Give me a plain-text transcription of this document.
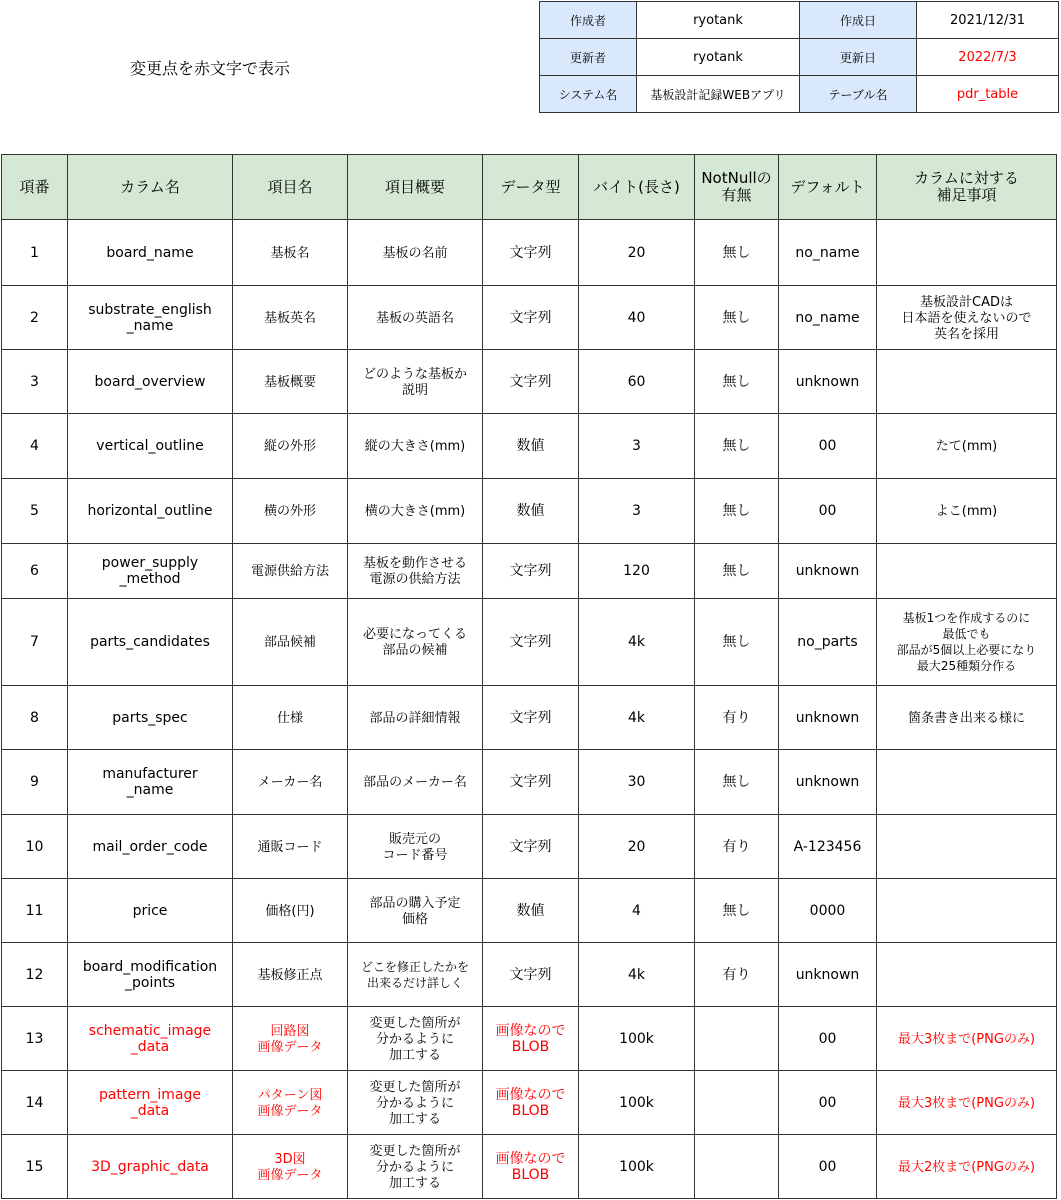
変更点を赤文字で表示
作成者	ryotank	作成日	2021/12/31
更新者	ryotank	更新日	2022/7/3
システム名	基板設計記録WEBアプリ	テーブル名	pdr_table
項番	カラム名	項目名	項目概要	データ型	バイト(長さ)	NotNullの
有無	デフォルト	カラムに対する
補足事項
1	board_name	基板名	基板の名前	文字列	20	無し	no_name	
2	substrate_english
_name	基板英名	基板の英語名	文字列	40	無し	no_name	基板設計CADは
日本語を使えないので
英名を採用
3	board_overview	基板概要	どのような基板か
説明	文字列	60	無し	unknown	
4	vertical_outline	縦の外形	縦の大きさ(mm)	数値	3	無し	00	たて(mm)
5	horizontal_outline	横の外形	横の大きさ(mm)	数値	3	無し	00	よこ(mm)
6	power_supply
_method	電源供給方法	基板を動作させる
電源の供給方法	文字列	120	無し	unknown	
7	parts_candidates	部品候補	必要になってくる
部品の候補	文字列	4k	無し	no_parts	基板1つを作成するのに
最低でも
部品が5個以上必要になり
最大25種類分作る
8	parts_spec	仕様	部品の詳細情報	文字列	4k	有り	unknown	箇条書き出来る様に
9	manufacturer
_name	メーカー名	部品のメーカー名	文字列	30	無し	unknown	
10	mail_order_code	通販コード	販売元の
コード番号	文字列	20	有り	A-123456	
11	price	価格(円)	部品の購入予定
価格	数値	4	無し	0000	
12	board_modification
_points	基板修正点	どこを修正したかを
出来るだけ詳しく	文字列	4k	有り	unknown	
13	schematic_image
_data	回路図
画像データ	変更した箇所が
分かるように
加工する	画像なので
BLOB	100k		00	最大3枚まで(PNGのみ)
14	pattern_image
_data	パターン図
画像データ	変更した箇所が
分かるように
加工する	画像なので
BLOB	100k		00	最大3枚まで(PNGのみ)
15	3D_graphic_data	3D図
画像データ	変更した箇所が
分かるように
加工する	画像なので
BLOB	100k		00	最大2枚まで(PNGのみ)
